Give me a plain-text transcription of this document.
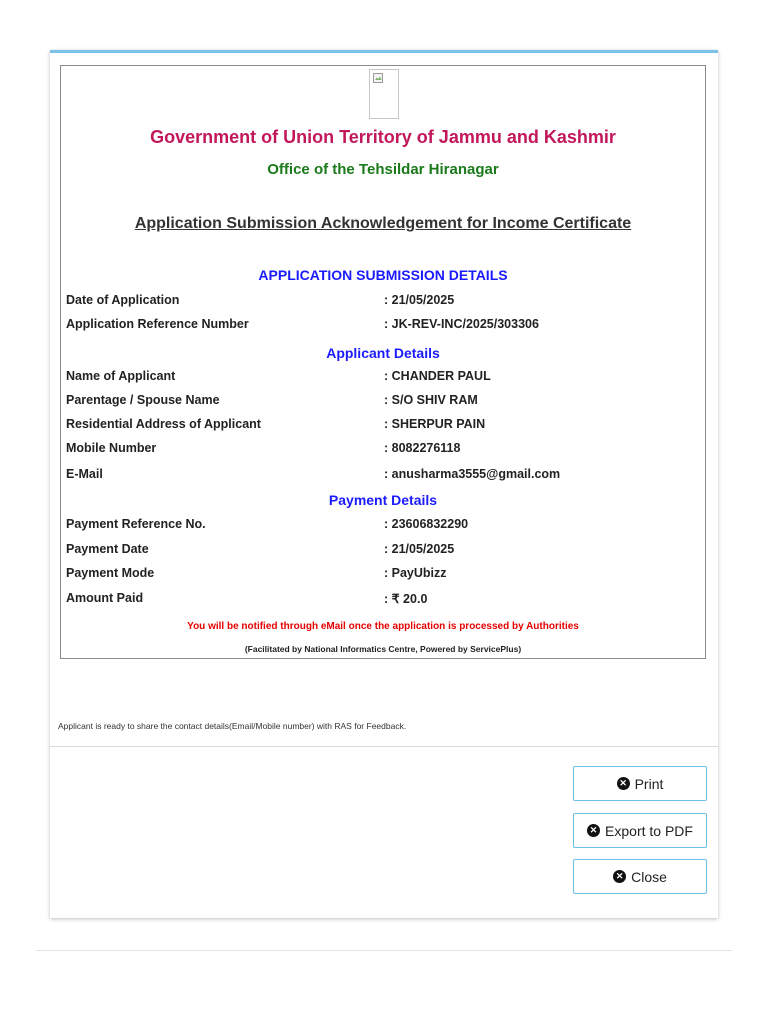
Government of Union Territory of Jammu and Kashmir
Office of the Tehsildar Hiranagar
Application Submission Acknowledgement for Income Certificate
APPLICATION SUBMISSION DETAILS
Date of Application	: 21/05/2025
Application Reference Number	: JK-REV-INC/2025/303306
Applicant Details
Name of Applicant	: CHANDER PAUL
Parentage / Spouse Name	: S/O SHIV RAM
Residential Address of Applicant	: SHERPUR PAIN
Mobile Number	: 8082276118
E-Mail	: anusharma3555@gmail.com
Payment Details
Payment Reference No.	: 23606832290
Payment Date	: 21/05/2025
Payment Mode	: PayUbizz
Amount Paid	: ₹ 20.0
You will be notified through eMail once the application is processed by Authorities
(Facilitated by National Informatics Centre, Powered by ServicePlus)
Applicant is ready to share the contact details(Email/Mobile number) with RAS for Feedback.
✕ Print
✕ Export to PDF
✕ Close
